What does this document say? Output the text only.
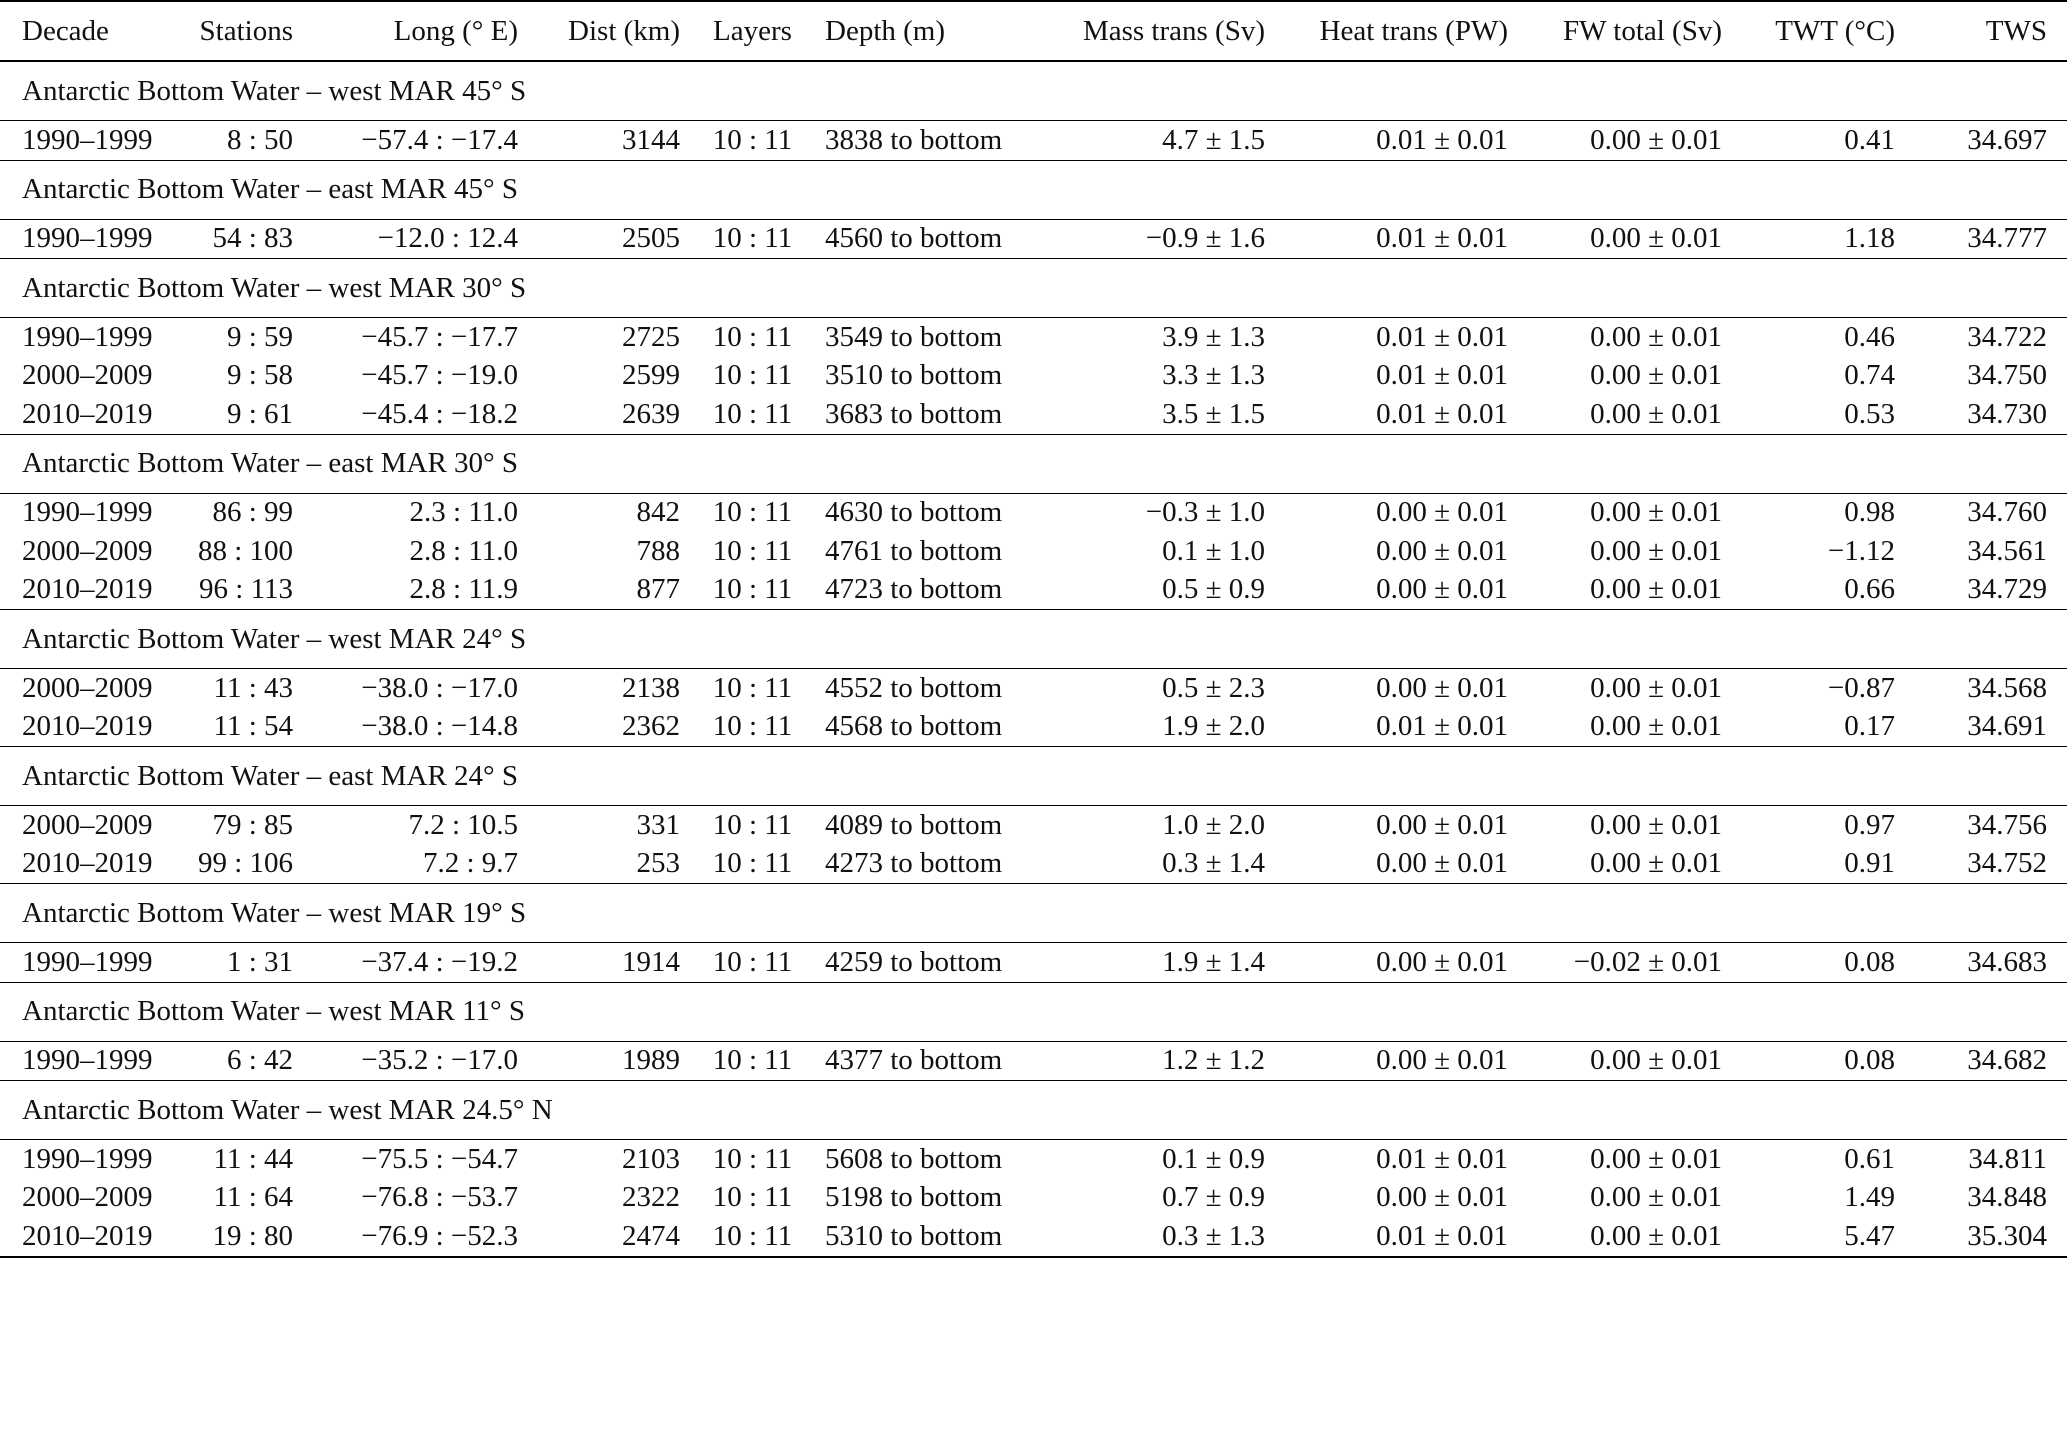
Decade	Stations	Long (° E)	Dist (km)	Layers	Depth (m)	Mass trans (Sv)	Heat trans (PW)	FW total (Sv)	TWT (°C)	TWS
Antarctic Bottom Water – west MAR 45° S										
1990–1999	8 : 50	−57.4 : −17.4	3144	10 : 11	3838 to bottom	4.7 ± 1.5	0.01 ± 0.01	0.00 ± 0.01	0.41	34.697
Antarctic Bottom Water – east MAR 45° S										
1990–1999	54 : 83	−12.0 : 12.4	2505	10 : 11	4560 to bottom	−0.9 ± 1.6	0.01 ± 0.01	0.00 ± 0.01	1.18	34.777
Antarctic Bottom Water – west MAR 30° S										
1990–1999	9 : 59	−45.7 : −17.7	2725	10 : 11	3549 to bottom	3.9 ± 1.3	0.01 ± 0.01	0.00 ± 0.01	0.46	34.722
2000–2009	9 : 58	−45.7 : −19.0	2599	10 : 11	3510 to bottom	3.3 ± 1.3	0.01 ± 0.01	0.00 ± 0.01	0.74	34.750
2010–2019	9 : 61	−45.4 : −18.2	2639	10 : 11	3683 to bottom	3.5 ± 1.5	0.01 ± 0.01	0.00 ± 0.01	0.53	34.730
Antarctic Bottom Water – east MAR 30° S										
1990–1999	86 : 99	2.3 : 11.0	842	10 : 11	4630 to bottom	−0.3 ± 1.0	0.00 ± 0.01	0.00 ± 0.01	0.98	34.760
2000–2009	88 : 100	2.8 : 11.0	788	10 : 11	4761 to bottom	0.1 ± 1.0	0.00 ± 0.01	0.00 ± 0.01	−1.12	34.561
2010–2019	96 : 113	2.8 : 11.9	877	10 : 11	4723 to bottom	0.5 ± 0.9	0.00 ± 0.01	0.00 ± 0.01	0.66	34.729
Antarctic Bottom Water – west MAR 24° S										
2000–2009	11 : 43	−38.0 : −17.0	2138	10 : 11	4552 to bottom	0.5 ± 2.3	0.00 ± 0.01	0.00 ± 0.01	−0.87	34.568
2010–2019	11 : 54	−38.0 : −14.8	2362	10 : 11	4568 to bottom	1.9 ± 2.0	0.01 ± 0.01	0.00 ± 0.01	0.17	34.691
Antarctic Bottom Water – east MAR 24° S										
2000–2009	79 : 85	7.2 : 10.5	331	10 : 11	4089 to bottom	1.0 ± 2.0	0.00 ± 0.01	0.00 ± 0.01	0.97	34.756
2010–2019	99 : 106	7.2 : 9.7	253	10 : 11	4273 to bottom	0.3 ± 1.4	0.00 ± 0.01	0.00 ± 0.01	0.91	34.752
Antarctic Bottom Water – west MAR 19° S										
1990–1999	1 : 31	−37.4 : −19.2	1914	10 : 11	4259 to bottom	1.9 ± 1.4	0.00 ± 0.01	−0.02 ± 0.01	0.08	34.683
Antarctic Bottom Water – west MAR 11° S										
1990–1999	6 : 42	−35.2 : −17.0	1989	10 : 11	4377 to bottom	1.2 ± 1.2	0.00 ± 0.01	0.00 ± 0.01	0.08	34.682
Antarctic Bottom Water – west MAR 24.5° N										
1990–1999	11 : 44	−75.5 : −54.7	2103	10 : 11	5608 to bottom	0.1 ± 0.9	0.01 ± 0.01	0.00 ± 0.01	0.61	34.811
2000–2009	11 : 64	−76.8 : −53.7	2322	10 : 11	5198 to bottom	0.7 ± 0.9	0.00 ± 0.01	0.00 ± 0.01	1.49	34.848
2010–2019	19 : 80	−76.9 : −52.3	2474	10 : 11	5310 to bottom	0.3 ± 1.3	0.01 ± 0.01	0.00 ± 0.01	5.47	35.304
